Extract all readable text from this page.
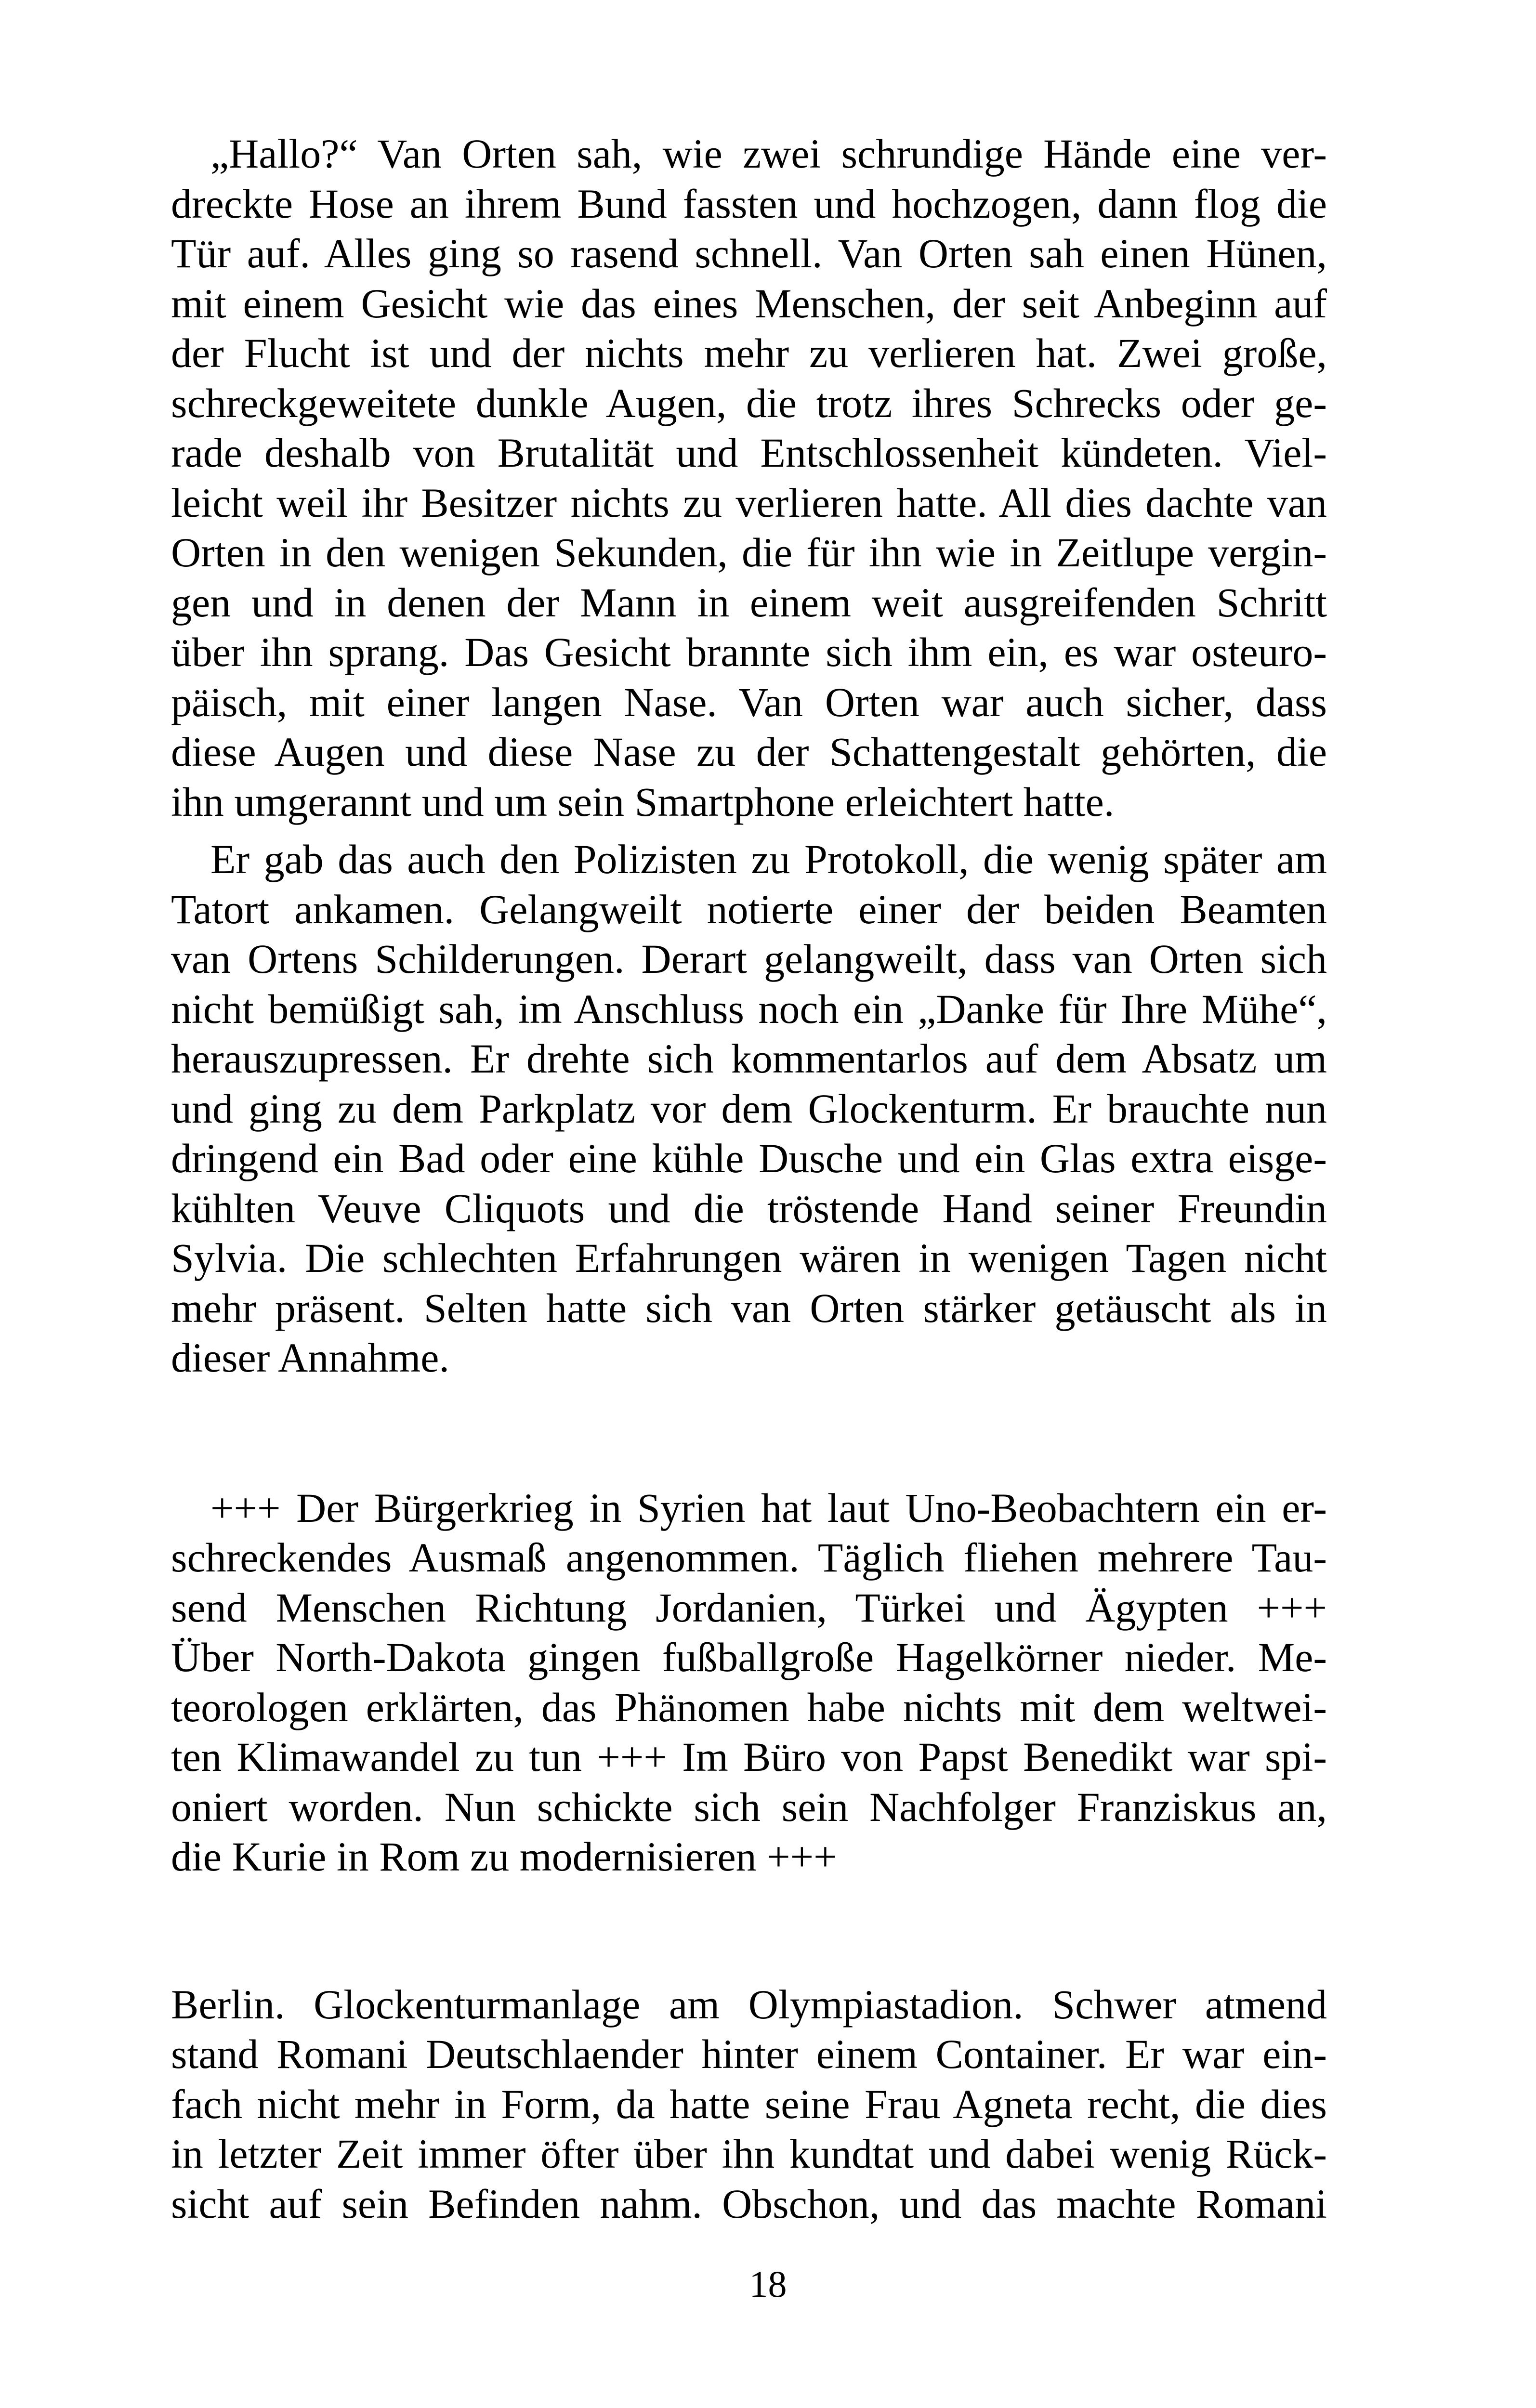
„Hallo?“ Van Orten sah, wie zwei schrundige Hände eine ver-
dreckte Hose an ihrem Bund fassten und hochzogen, dann flog die
Tür auf. Alles ging so rasend schnell. Van Orten sah einen Hünen,
mit einem Gesicht wie das eines Menschen, der seit Anbeginn auf
der Flucht ist und der nichts mehr zu verlieren hat. Zwei große,
schreckgeweitete dunkle Augen, die trotz ihres Schrecks oder ge-
rade deshalb von Brutalität und Entschlossenheit kündeten. Viel-
leicht weil ihr Besitzer nichts zu verlieren hatte. All dies dachte van
Orten in den wenigen Sekunden, die für ihn wie in Zeitlupe vergin-
gen und in denen der Mann in einem weit ausgreifenden Schritt
über ihn sprang. Das Gesicht brannte sich ihm ein, es war osteuro-
päisch, mit einer langen Nase. Van Orten war auch sicher, dass
diese Augen und diese Nase zu der Schattengestalt gehörten, die
ihn umgerannt und um sein Smartphone erleichtert hatte.
Er gab das auch den Polizisten zu Protokoll, die wenig später am
Tatort ankamen. Gelangweilt notierte einer der beiden Beamten
van Ortens Schilderungen. Derart gelangweilt, dass van Orten sich
nicht bemüßigt sah, im Anschluss noch ein „Danke für Ihre Mühe“,
herauszupressen. Er drehte sich kommentarlos auf dem Absatz um
und ging zu dem Parkplatz vor dem Glockenturm. Er brauchte nun
dringend ein Bad oder eine kühle Dusche und ein Glas extra eisge-
kühlten Veuve Cliquots und die tröstende Hand seiner Freundin
Sylvia. Die schlechten Erfahrungen wären in wenigen Tagen nicht
mehr präsent. Selten hatte sich van Orten stärker getäuscht als in
dieser Annahme.
+++ Der Bürgerkrieg in Syrien hat laut Uno-Beobachtern ein er-
schreckendes Ausmaß angenommen. Täglich fliehen mehrere Tau-
send Menschen Richtung Jordanien, Türkei und Ägypten +++
Über North-Dakota gingen fußballgroße Hagelkörner nieder. Me-
teorologen erklärten, das Phänomen habe nichts mit dem weltwei-
ten Klimawandel zu tun +++ Im Büro von Papst Benedikt war spi-
oniert worden. Nun schickte sich sein Nachfolger Franziskus an,
die Kurie in Rom zu modernisieren +++
Berlin. Glockenturmanlage am Olympiastadion. Schwer atmend
stand Romani Deutschlaender hinter einem Container. Er war ein-
fach nicht mehr in Form, da hatte seine Frau Agneta recht, die dies
in letzter Zeit immer öfter über ihn kundtat und dabei wenig Rück-
sicht auf sein Befinden nahm. Obschon, und das machte Romani
18
